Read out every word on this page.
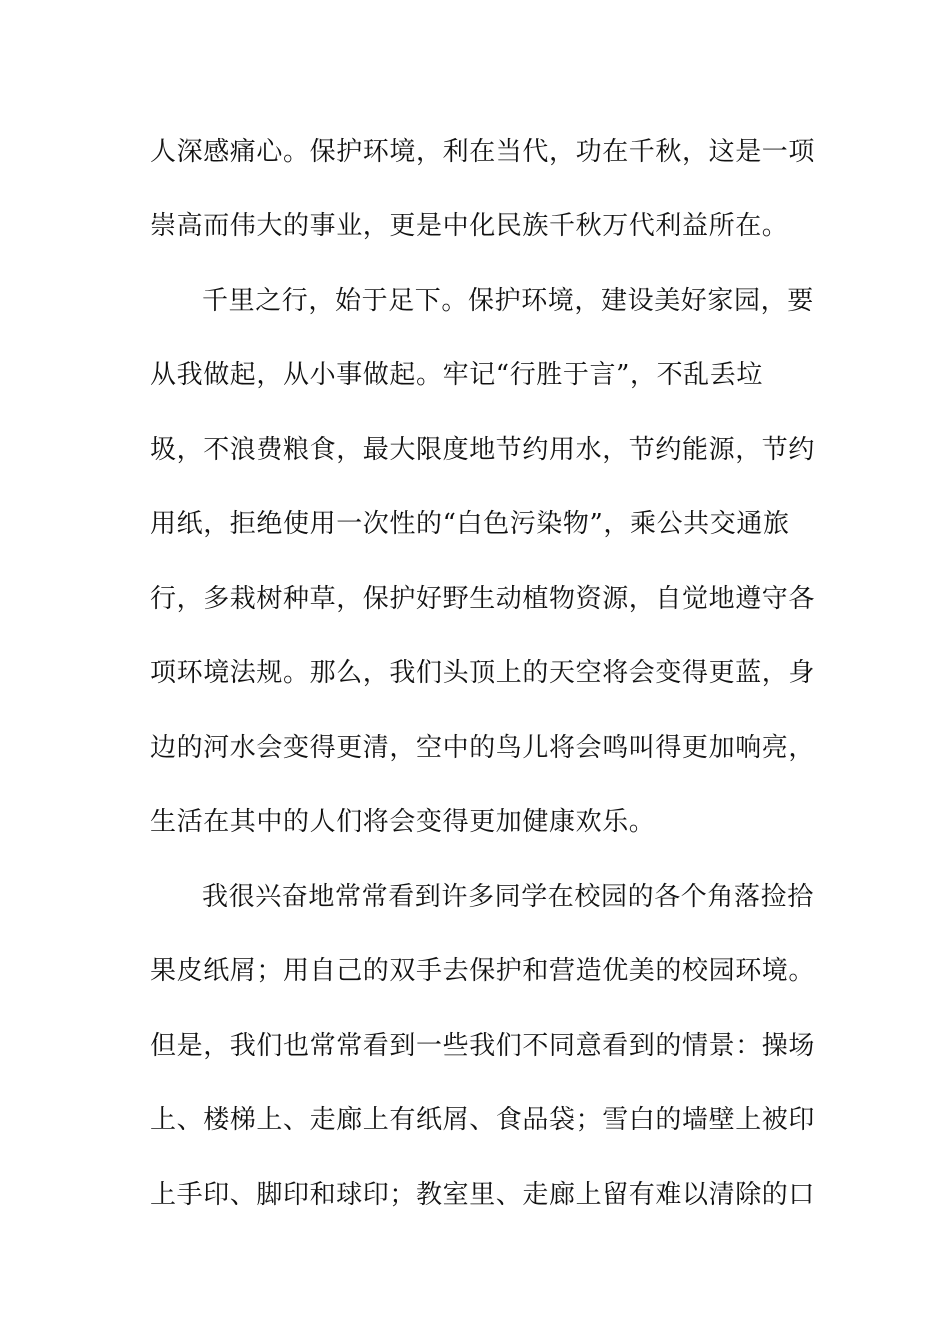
人深感痛心。保护环境，利在当代，功在千秋，这是一项
崇高而伟大的事业，更是中化民族千秋万代利益所在。
千里之行，始于足下。保护环境，建设美好家园，要
从我做起，从小事做起。牢记“行胜于言”，不乱丢垃
圾，不浪费粮食，最大限度地节约用水，节约能源，节约
用纸，拒绝使用一次性的“白色污染物”，乘公共交通旅
行，多栽树种草，保护好野生动植物资源，自觉地遵守各
项环境法规。那么，我们头顶上的天空将会变得更蓝，身
边的河水会变得更清，空中的鸟儿将会鸣叫得更加响亮，
生活在其中的人们将会变得更加健康欢乐。
我很兴奋地常常看到许多同学在校园的各个角落捡拾
果皮纸屑；用自己的双手去保护和营造优美的校园环境。
但是，我们也常常看到一些我们不同意看到的情景：操场
上、楼梯上、走廊上有纸屑、食品袋；雪白的墙壁上被印
上手印、脚印和球印；教室里、走廊上留有难以清除的口
